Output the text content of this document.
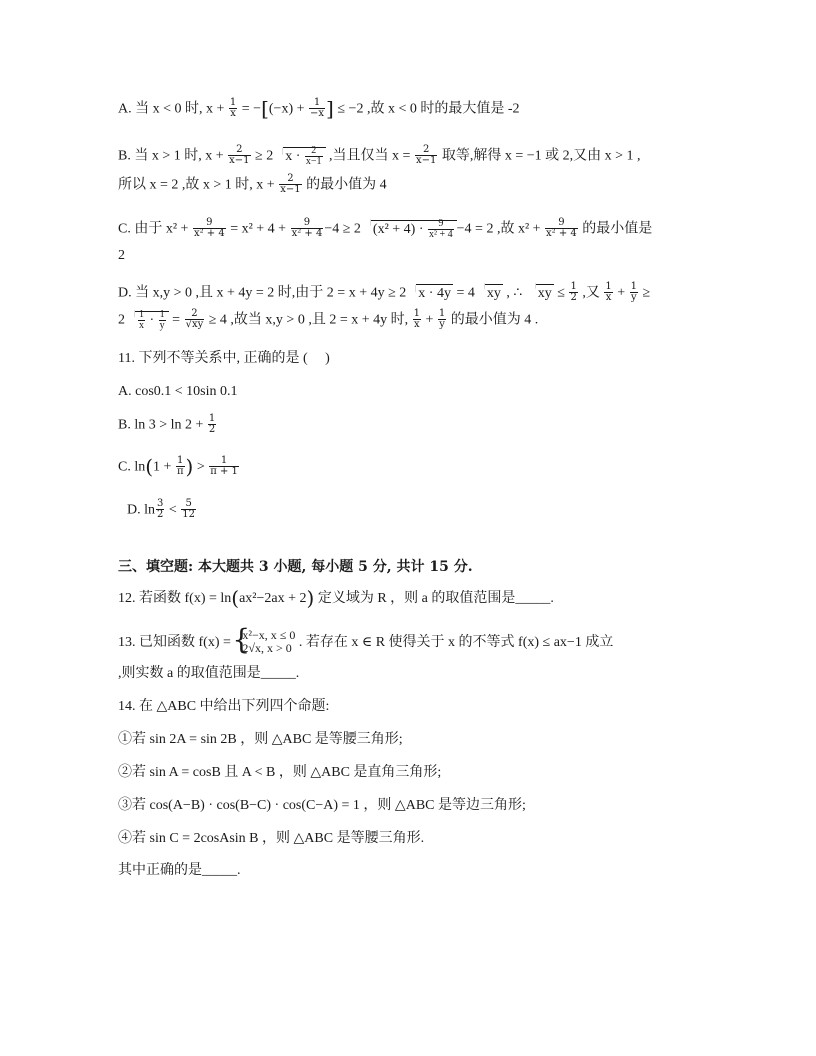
A. 当 x < 0 时, $x + \frac{1}{x} = -[(-x) + \frac{1}{-x}$ ] ≤ −2 ,故 x < 0 时的最大值是 -2
B. 当 x > 1 时, $x + \frac{2}{x-1} \ge 2$ $x \cdot \frac{2}{x-1}$ ,当且仅当 $x = \frac{2}{x-1}$ 取等,解得 x = −1 或 2,又由 x > 1 ,
所以 x = 2 ,故 x > 1 时, $x + \frac{2}{x-1}$ 的最小值为 4
C. 由于 $x^2 + \frac{9}{\text{x² + 4}} = x^2 + 4 + \frac{9}{\text{x² + 4}} -4 \ge 2$ $(x^2 + 4) \cdot \frac{9}{\text{x² + 4}} -4 = 2$ ,故 $x^2 + \frac{9}{\text{x² + 4}}$ 的最小值是
2
D. 当 x,y > 0 ,且 x + 4y = 2 时,由于 2 = x + 4y ≥ 2 x · 4y = 4 xy , ∴ xy ≤ $\frac{1}{2}$ ,又 $\frac{1}{x} + \frac{1}{y}$ ≥
$2 \frac{1}{x} \cdot \frac{1}{y} = \frac{2}{√xy} \ge 4$ ,故当 x,y > 0 ,且 2 = x + 4y 时, $\frac{1}{x} + \frac{1}{y}$ 的最小值为 4 .
11. 下列不等关系中, 正确的是 (　 )
A. cos0.1 < 10sin 0.1
B. $\ln 3 > \ln 2 + \frac{1}{2}$
C. $\ln(1 + \frac{1}{\pi}$ ) > $\frac{1}{\pi + 1}$
D. $\ln \frac{3}{2} < \frac{5}{12}$
三、填空题: 本大题共 3 小题, 每小题 5 分, 共计 15 分.
12. 若函数 f(x) = ln(ax²−2ax + 2) 定义域为 R ，则 a 的取值范围是_____.
13. 已知函数 f(x) =
{ x²−x, x ≤ 0
2√x, x > 0 . 若存在 x ∈ R 使得关于 x 的不等式 f(x) ≤ ax−1 成立
,则实数 a 的取值范围是_____.
14. 在 △ABC 中给出下列四个命题:
①若 sin 2A = sin 2B ，则 △ABC 是等腰三角形;
②若 sin A = cosB 且 A < B ，则 △ABC 是直角三角形;
③若 cos(A−B) · cos(B−C) · cos(C−A) = 1 ，则 △ABC 是等边三角形;
④若 sin C = 2cosAsin B ，则 △ABC 是等腰三角形.
其中正确的是_____.
